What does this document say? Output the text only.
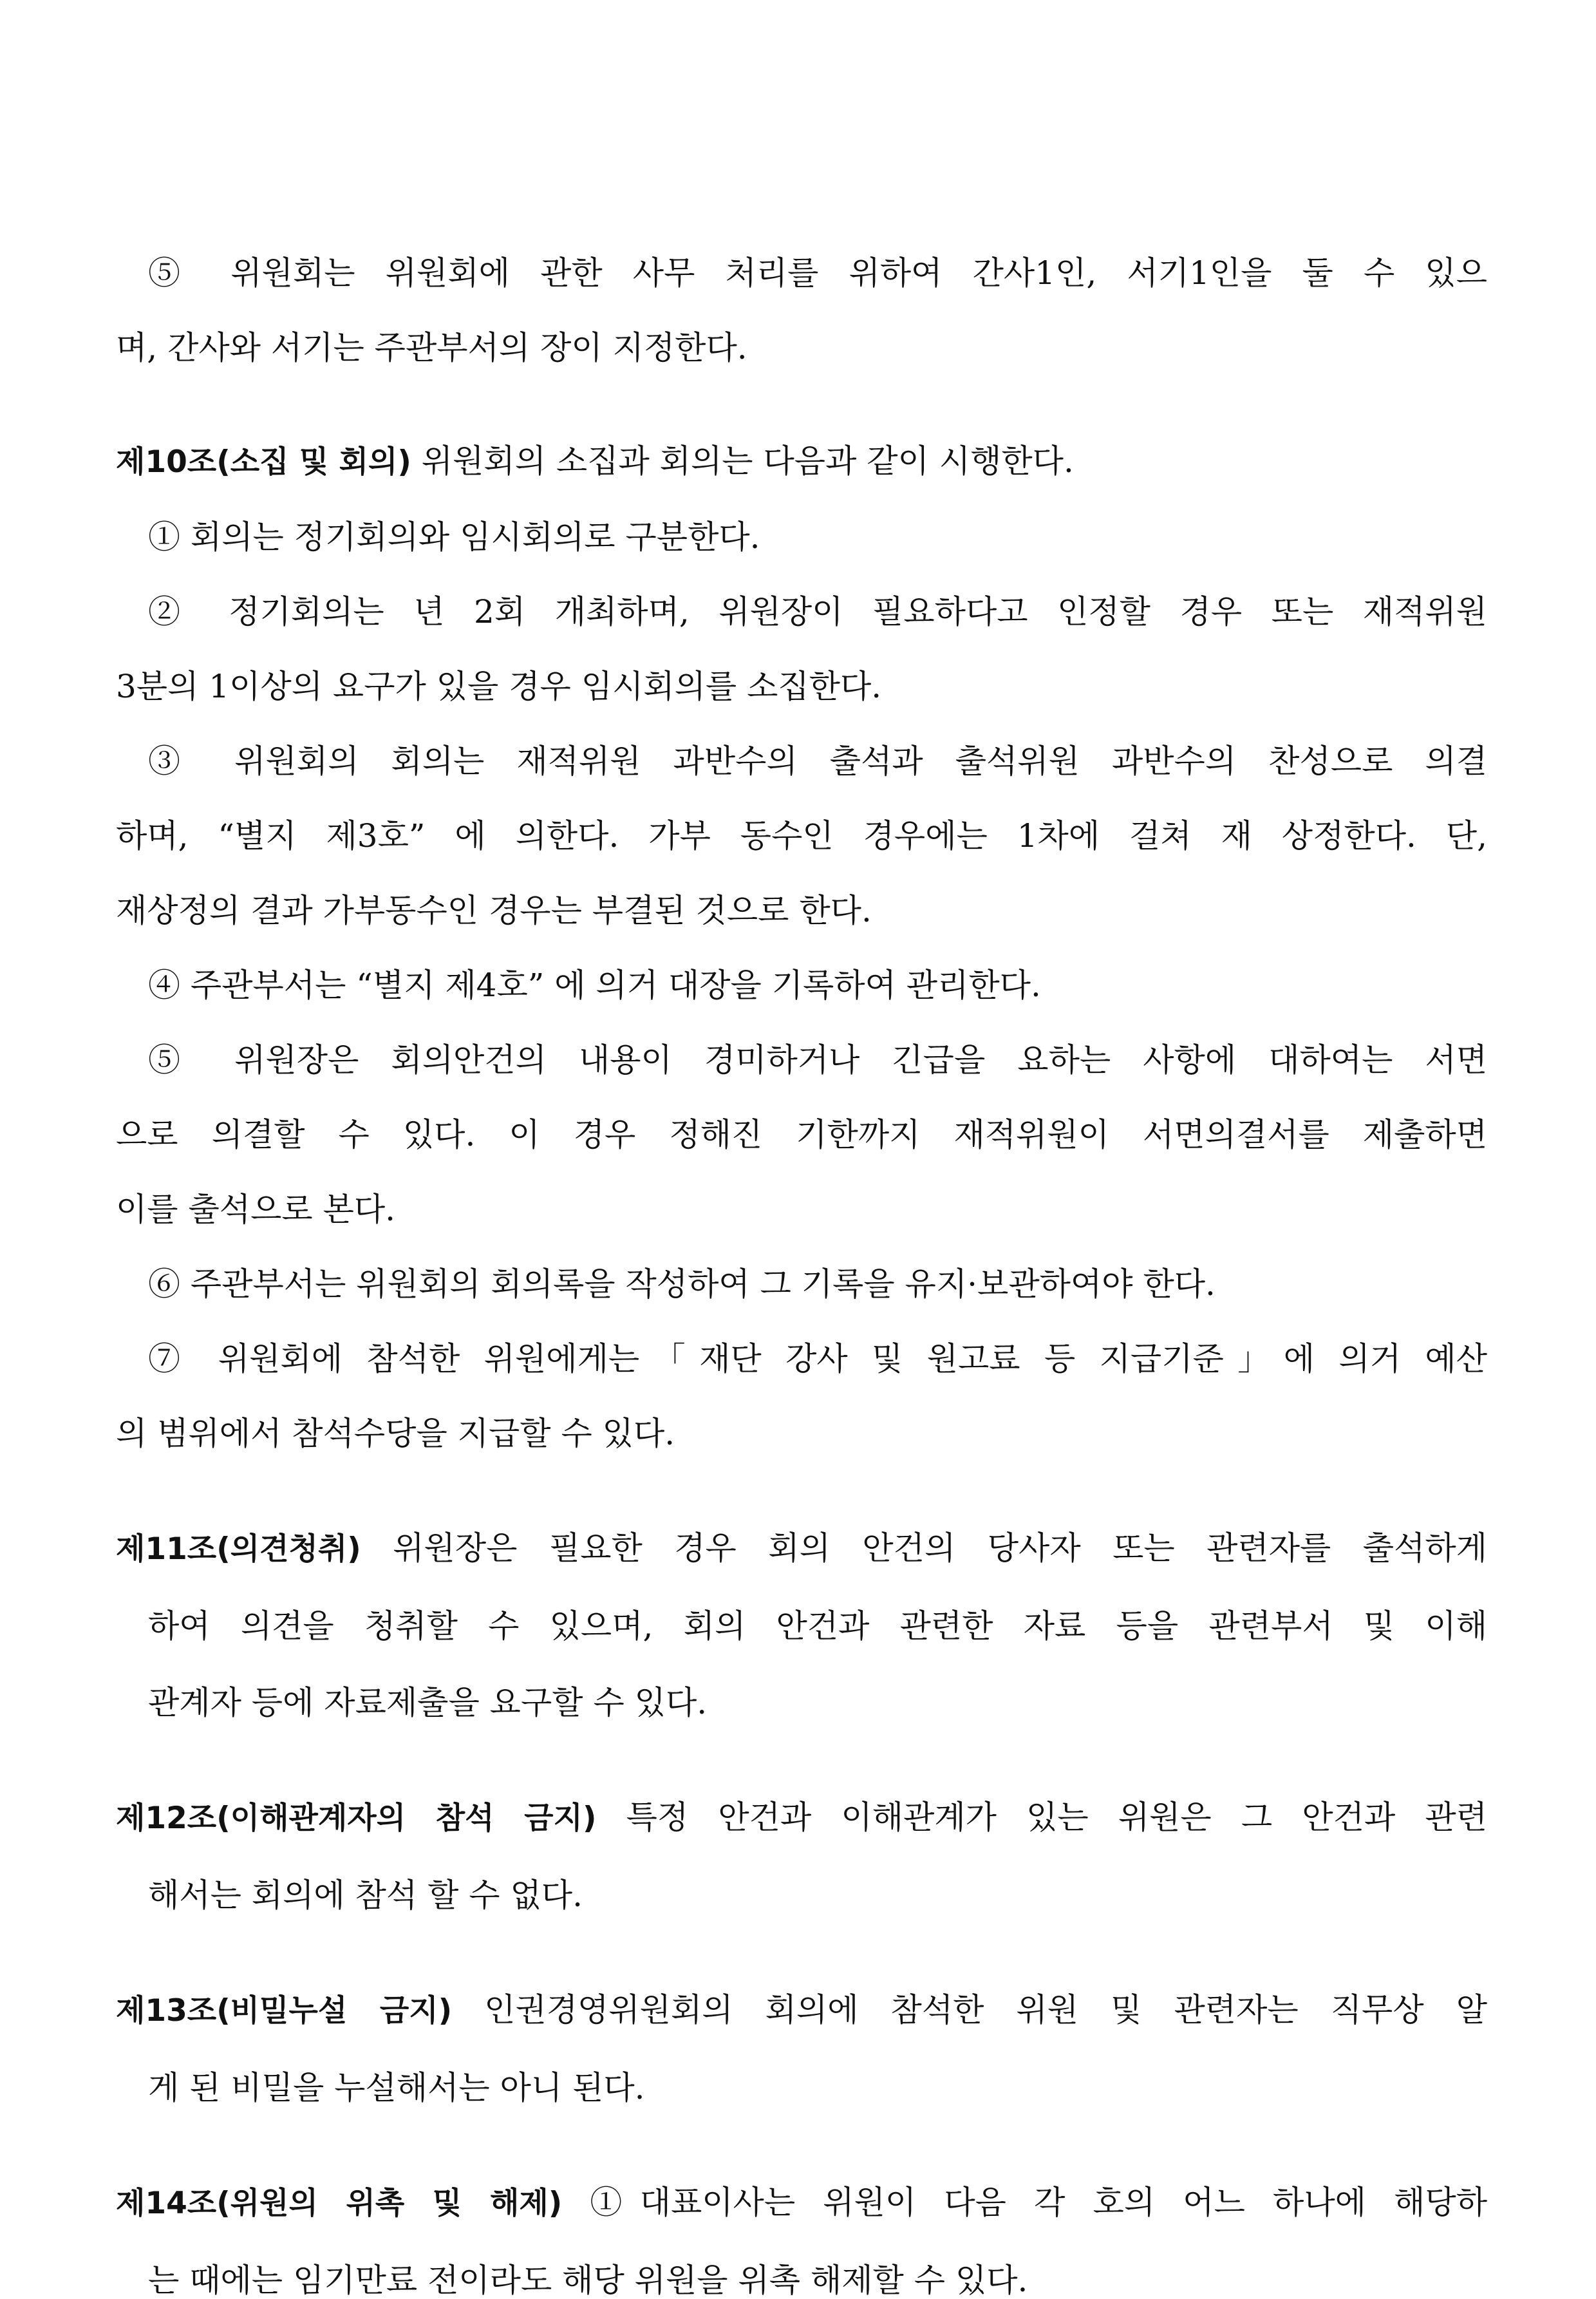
⑤ 위원회는 위원회에 관한 사무 처리를 위하여 간사1인, 서기1인을 둘 수 있으

며, 간사와 서기는 주관부서의 장이 지정한다.

제10조(소집 및 회의) 위원회의 소집과 회의는 다음과 같이 시행한다.

① 회의는 정기회의와 임시회의로 구분한다.

② 정기회의는 년 2회 개최하며, 위원장이 필요하다고 인정할 경우 또는 재적위원

3분의 1이상의 요구가 있을 경우 임시회의를 소집한다.

③ 위원회의 회의는 재적위원 과반수의 출석과 출석위원 과반수의 찬성으로 의결

하며, “별지 제3호” 에 의한다. 가부 동수인 경우에는 1차에 걸쳐 재 상정한다. 단,

재상정의 결과 가부동수인 경우는 부결된 것으로 한다.

④ 주관부서는 “별지 제4호” 에 의거 대장을 기록하여 관리한다.

⑤ 위원장은 회의안건의 내용이 경미하거나 긴급을 요하는 사항에 대하여는 서면

으로 의결할 수 있다. 이 경우 정해진 기한까지 재적위원이 서면의결서를 제출하면

이를 출석으로 본다.

⑥ 주관부서는 위원회의 회의록을 작성하여 그 기록을 유지·보관하여야 한다.

⑦ 위원회에 참석한 위원에게는「재단 강사 및 원고료 등 지급기준」에 의거 예산

의 범위에서 참석수당을 지급할 수 있다.

제11조(의견청취) 위원장은 필요한 경우 회의 안건의 당사자 또는 관련자를 출석하게

하여 의견을 청취할 수 있으며, 회의 안건과 관련한 자료 등을 관련부서 및 이해

관계자 등에 자료제출을 요구할 수 있다.

제12조(이해관계자의 참석 금지) 특정 안건과 이해관계가 있는 위원은 그 안건과 관련

해서는 회의에 참석 할 수 없다.

제13조(비밀누설 금지) 인권경영위원회의 회의에 참석한 위원 및 관련자는 직무상 알

게 된 비밀을 누설해서는 아니 된다.

제14조(위원의 위촉 및 해제) ①대표이사는 위원이 다음 각 호의 어느 하나에 해당하

는 때에는 임기만료 전이라도 해당 위원을 위촉 해제할 수 있다.
